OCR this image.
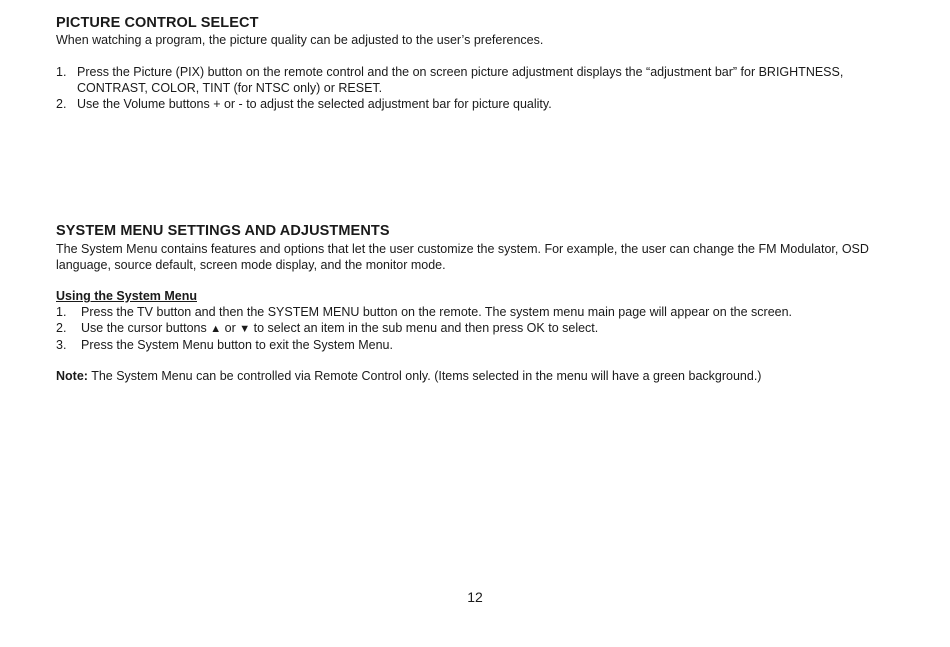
PICTURE CONTROL SELECT

When watching a program, the picture quality can be adjusted to the user’s preferences.

1. Press the Picture (PIX) button on the remote control and the on screen picture adjustment displays the “adjustment bar” for BRIGHTNESS, CONTRAST, COLOR, TINT (for NTSC only) or RESET.
2. Use the Volume buttons + or - to adjust the selected adjustment bar for picture quality.
SYSTEM MENU SETTINGS AND ADJUSTMENTS

The System Menu contains features and options that let the user customize the system. For example, the user can change the FM Modulator, OSD language, source default, screen mode display, and the monitor mode.

Using the System Menu

1. Press the TV button and then the SYSTEM MENU button on the remote. The system menu main page will appear on the screen.
2. Use the cursor buttons ▲ or ▼ to select an item in the sub menu and then press OK to select.
3. Press the System Menu button to exit the System Menu.

Note: The System Menu can be controlled via Remote Control only. (Items selected in the menu will have a green background.)

12
